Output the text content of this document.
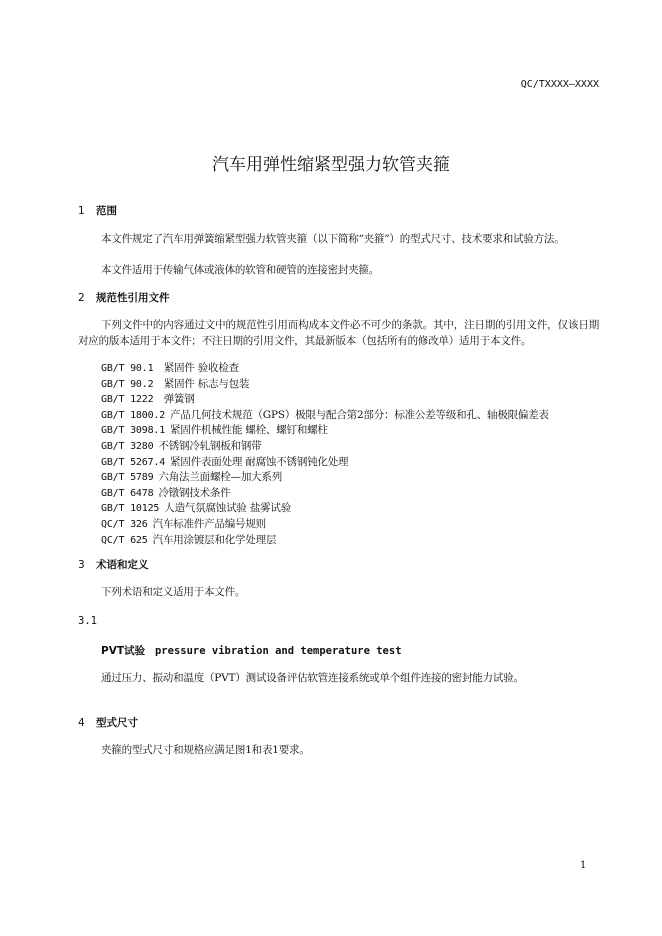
QC/TXXXX—XXXX
汽车用弹性缩紧型强力软管夹箍
1 范围

本文件规定了汽车用弹簧缩紧型强力软管夹箍（以下简称“夹箍”）的型式尺寸、技术要求和试验方法。

本文件适用于传输气体或液体的软管和硬管的连接密封夹箍。

2 规范性引用文件

下列文件中的内容通过文中的规范性引用而构成本文件必不可少的条款。其中，注日期的引用文件，仅该日期对应的版本适用于本文件；不注日期的引用文件，其最新版本（包括所有的修改单）适用于本文件。

GB/T 90.1  紧固件 验收检查
GB/T 90.2  紧固件 标志与包装
GB/T 1222  弹簧钢
GB/T 1800.2  产品几何技术规范（GPS）极限与配合第2部分：标准公差等级和孔、轴极限偏差表
GB/T 3098.1  紧固件机械性能 螺栓、螺钉和螺柱
GB/T 3280  不锈钢冷轧钢板和钢带
GB/T 5267.4  紧固件表面处理 耐腐蚀不锈钢钝化处理
GB/T 5789  六角法兰面螺栓—加大系列
GB/T 6478  冷镦钢技术条件
GB/T 10125  人造气氛腐蚀试验 盐雾试验
QC/T 326  汽车标准件产品编号规则
QC/T 625  汽车用涂镀层和化学处理层
3 术语和定义

下列术语和定义适用于本文件。

3.1
PVT试验 pressure vibration and temperature test

通过压力、振动和温度（PVT）测试设备评估软管连接系统或单个组件连接的密封能力试验。

4 型式尺寸

夹箍的型式尺寸和规格应满足图1和表1要求。

1
